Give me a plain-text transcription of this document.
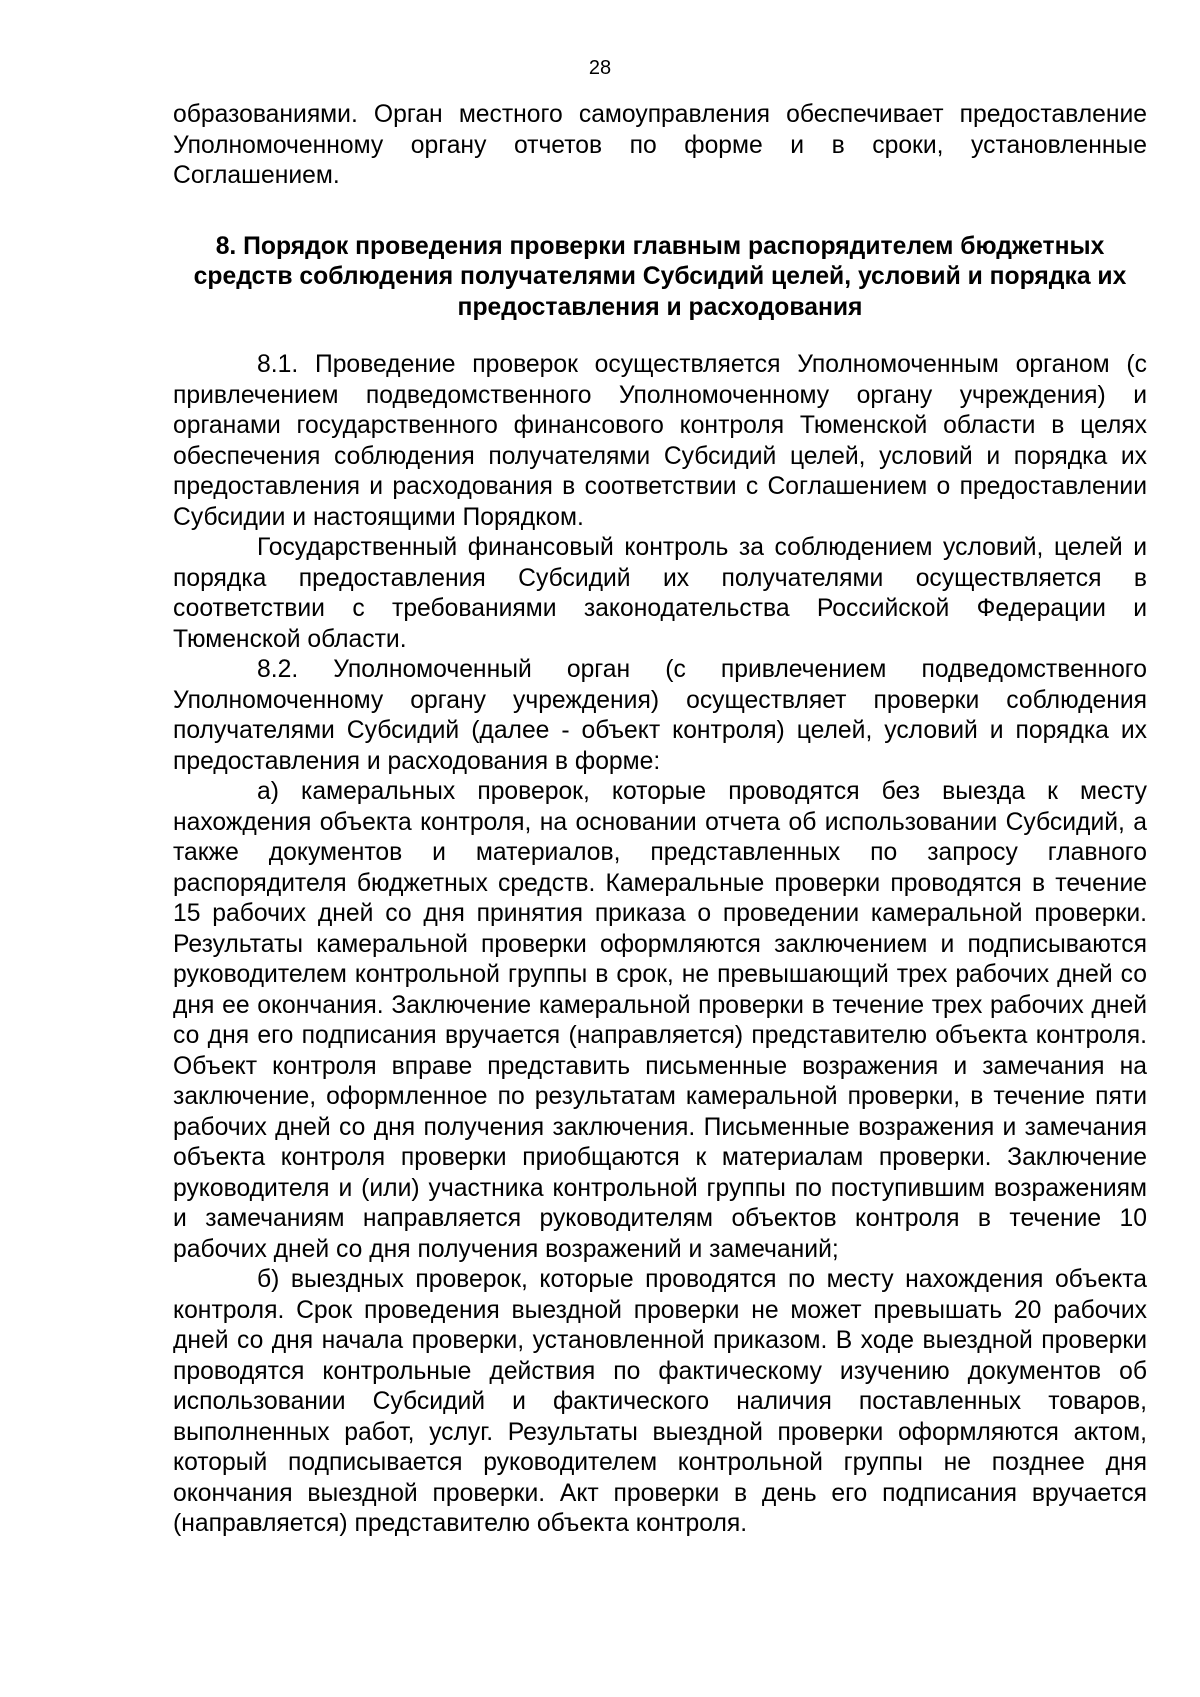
28

образованиями. Орган местного самоуправления обеспечивает предоставление Уполномоченному органу отчетов по форме и в сроки, установленные Соглашением.

8. Порядок проведения проверки главным распорядителем бюджетных средств соблюдения получателями Субсидий целей, условий и порядка их предоставления и расходования

8.1. Проведение проверок осуществляется Уполномоченным органом (с привлечением подведомственного Уполномоченному органу учреждения) и органами государственного финансового контроля Тюменской области в целях обеспечения соблюдения получателями Субсидий целей, условий и порядка их предоставления и расходования в соответствии с Соглашением о предоставлении Субсидии и настоящими Порядком.

Государственный финансовый контроль за соблюдением условий, целей и порядка предоставления Субсидий их получателями осуществляется в соответствии с требованиями законодательства Российской Федерации и Тюменской области.

8.2. Уполномоченный орган (с привлечением подведомственного Уполномоченному органу учреждения) осуществляет проверки соблюдения получателями Субсидий (далее - объект контроля) целей, условий и порядка их предоставления и расходования в форме:

а) камеральных проверок, которые проводятся без выезда к месту нахождения объекта контроля, на основании отчета об использовании Субсидий, а также документов и материалов, представленных по запросу главного распорядителя бюджетных средств. Камеральные проверки проводятся в течение 15 рабочих дней со дня принятия приказа о проведении камеральной проверки. Результаты камеральной проверки оформляются заключением и подписываются руководителем контрольной группы в срок, не превышающий трех рабочих дней со дня ее окончания. Заключение камеральной проверки в течение трех рабочих дней со дня его подписания вручается (направляется) представителю объекта контроля. Объект контроля вправе представить письменные возражения и замечания на заключение, оформленное по результатам камеральной проверки, в течение пяти рабочих дней со дня получения заключения. Письменные возражения и замечания объекта контроля проверки приобщаются к материалам проверки. Заключение руководителя и (или) участника контрольной группы по поступившим возражениям и замечаниям направляется руководителям объектов контроля в течение 10 рабочих дней со дня получения возражений и замечаний;

б) выездных проверок, которые проводятся по месту нахождения объекта контроля. Срок проведения выездной проверки не может превышать 20 рабочих дней со дня начала проверки, установленной приказом. В ходе выездной проверки проводятся контрольные действия по фактическому изучению документов об использовании Субсидий и фактического наличия поставленных товаров, выполненных работ, услуг. Результаты выездной проверки оформляются актом, который подписывается руководителем контрольной группы не позднее дня окончания выездной проверки. Акт проверки в день его подписания вручается (направляется) представителю объекта контроля.
